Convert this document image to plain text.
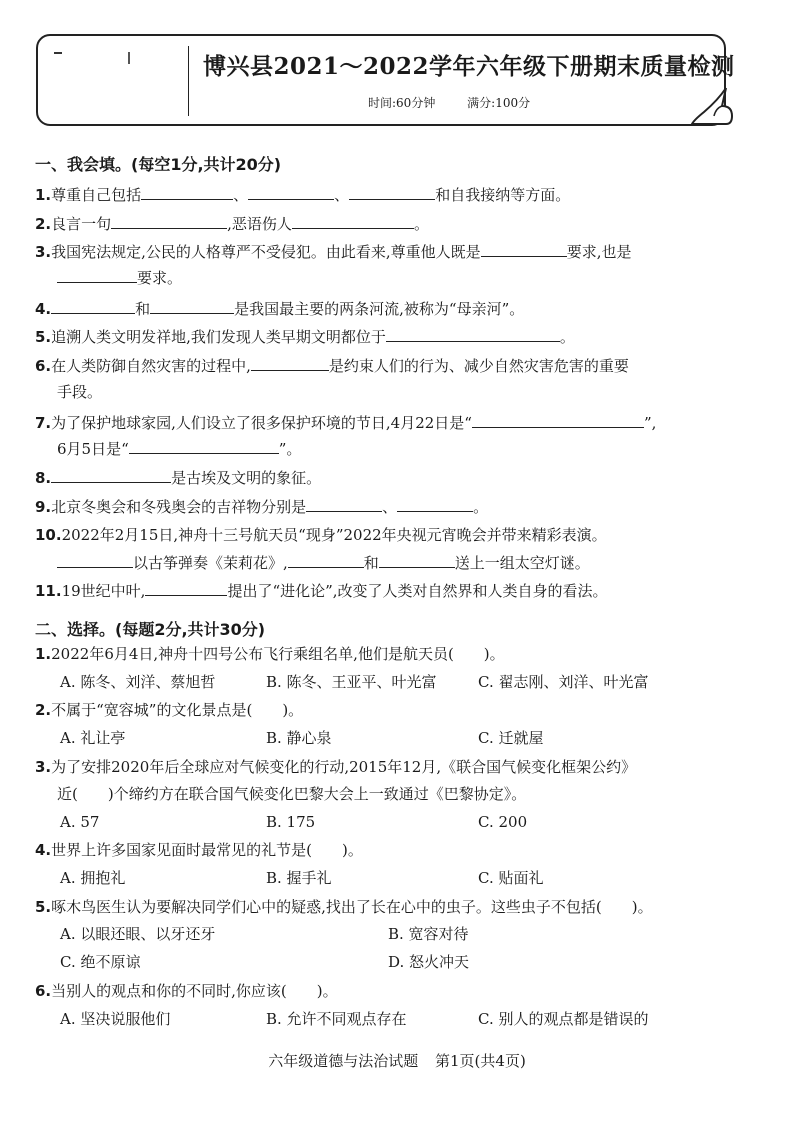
博兴县2021～2022学年六年级下册期末质量检测
时间:60分钟	满分:100分
一、我会填。(每空1分,共计20分)
1.尊重自己包括	、	、	和自我接纳等方面。
2.良言一句	,恶语伤人	。
3.我国宪法规定,公民的人格尊严不受侵犯。由此看来,尊重他人既是	要求,也是
要求。
4.	和	是我国最主要的两条河流,被称为“母亲河”。
5.追溯人类文明发祥地,我们发现人类早期文明都位于	。
6.在人类防御自然灾害的过程中,	是约束人们的行为、减少自然灾害危害的重要
手段。
7.为了保护地球家园,人们设立了很多保护环境的节日,4月22日是“	”,
6月5日是“	”。
8.	是古埃及文明的象征。
9.北京冬奥会和冬残奥会的吉祥物分别是	、	。
10.2022年2月15日,神舟十三号航天员“现身”2022年央视元宵晚会并带来精彩表演。
以古筝弹奏《茉莉花》,	和	送上一组太空灯谜。
11.19世纪中叶,	提出了“进化论”,改变了人类对自然界和人类自身的看法。
二、选择。(每题2分,共计30分)
1.2022年6月4日,神舟十四号公布飞行乘组名单,他们是航天员(　　)。
A. 陈冬、刘洋、蔡旭哲	B. 陈冬、王亚平、叶光富	C. 翟志刚、刘洋、叶光富
2.不属于“宽容城”的文化景点是(　　)。
A. 礼让亭	B. 静心泉	C. 迁就屋
3.为了安排2020年后全球应对气候变化的行动,2015年12月,《联合国气候变化框架公约》
近(　　)个缔约方在联合国气候变化巴黎大会上一致通过《巴黎协定》。
A. 57	B. 175	C. 200
4.世界上许多国家见面时最常见的礼节是(　　)。
A. 拥抱礼	B. 握手礼	C. 贴面礼
5.啄木鸟医生认为要解决同学们心中的疑惑,找出了长在心中的虫子。这些虫子不包括(　　)。
A. 以眼还眼、以牙还牙	B. 宽容对待
C. 绝不原谅	D. 怒火冲天
6.当别人的观点和你的不同时,你应该(　　)。
A. 坚决说服他们	B. 允许不同观点存在	C. 别人的观点都是错误的
六年级道德与法治试题 第1页(共4页)
